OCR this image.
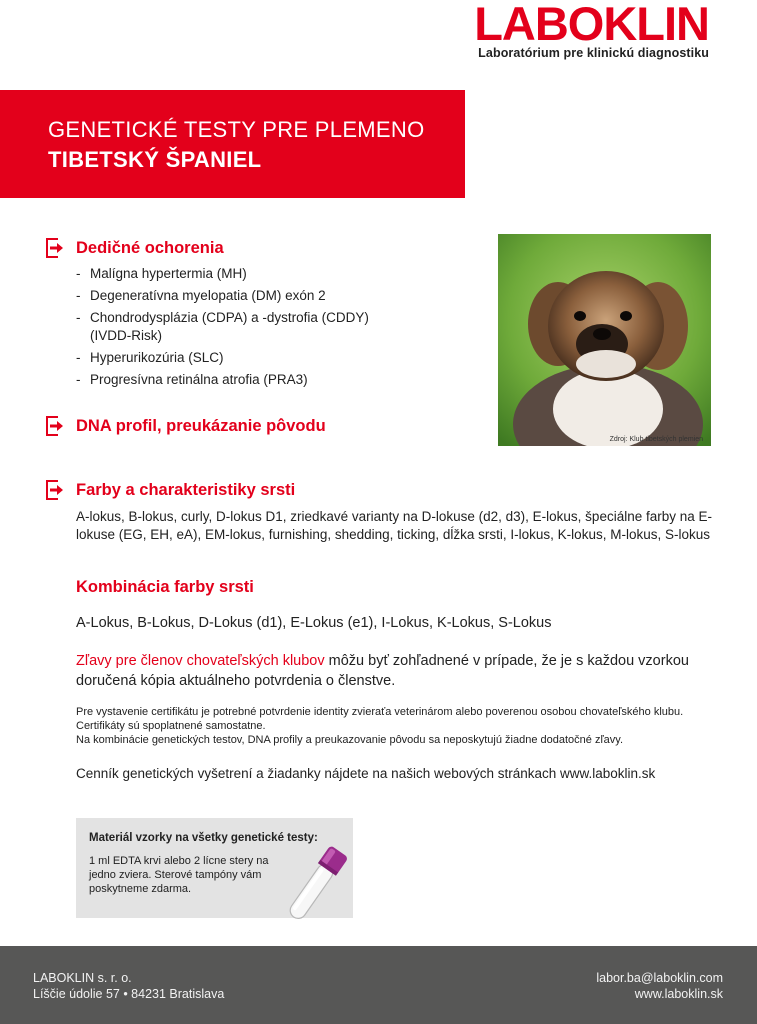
LABOKLIN
Laboratórium pre klinickú diagnostiku
GENETICKÉ TESTY PRE PLEMENO
TIBETSKÝ ŠPANIEL
Dedičné ochorenia
- Malígna hypertermia (MH)
- Degeneratívna myelopatia (DM) exón 2
- Chondrodysplázia (CDPA) a -dystrofia (CDDY) (IVDD-Risk)
- Hyperurikozúria (SLC)
- Progresívna retinálna atrofia (PRA3)
Zdroj: Klub tibetských plemien
DNA profil, preukázanie pôvodu
Farby a charakteristiky srsti
A-lokus, B-lokus, curly, D-lokus D1, zriedkavé varianty na D-lokuse (d2, d3), E-lokus, špeciálne farby na E-lokuse (EG, EH, eA), EM-lokus, furnishing, shedding, ticking, dĺžka srsti, I-lokus, K-lokus, M-lokus, S-lokus
Kombinácia farby srsti
A-Lokus, B-Lokus, D-Lokus (d1), E-Lokus (e1), I-Lokus, K-Lokus, S-Lokus
Zľavy pre členov chovateľských klubov môžu byť zohľadnené v prípade, že je s každou vzorkou doručená kópia aktuálneho potvrdenia o členstve.
Pre vystavenie certifikátu je potrebné potvrdenie identity zvieraťa veterinárom alebo poverenou osobou chovateľského klubu. Certifikáty sú spoplatnené samostatne.
Na kombinácie genetických testov, DNA profily a preukazovanie pôvodu sa neposkytujú žiadne dodatočné zľavy.
Cenník genetických vyšetrení a žiadanky nájdete na našich webových stránkach www.laboklin.sk
Materiál vzorky na všetky genetické testy:
1 ml EDTA krvi alebo 2 lícne stery na jedno zviera. Sterové tampóny vám poskytneme zdarma.
LABOKLIN s. r. o.
Líščie údolie 57 • 84231 Bratislava
labor.ba@laboklin.com
www.laboklin.sk
